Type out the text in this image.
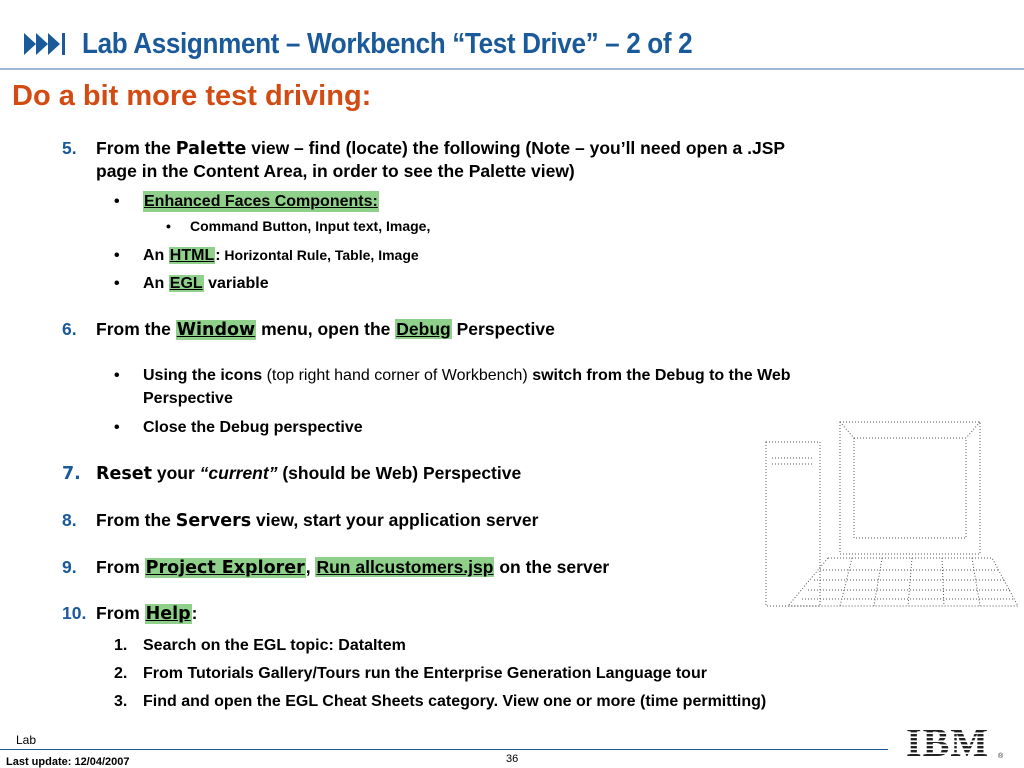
Lab Assignment – Workbench “Test Drive” – 2 of 2
Do a bit more test driving:
5. From the Palette view – find (locate) the following (Note – you’ll need open a .JSP
page in the Content Area, in order to see the Palette view)
• Enhanced Faces Components:
• Command Button, Input text, Image,
• An HTML: Horizontal Rule, Table, Image
• An EGL variable
6. From the Window menu, open the Debug Perspective
• Using the icons (top right hand corner of Workbench) switch from the Debug to the Web
Perspective
• Close the Debug perspective
7. Reset your “current” (should be Web) Perspective
8. From the Servers view, start your application server
9. From Project Explorer, Run allcustomers.jsp on the server
10. From Help:
1. Search on the EGL topic: DataItem
2. From Tutorials Gallery/Tours run the Enterprise Generation Language tour
3. Find and open the EGL Cheat Sheets category. View one or more (time permitting)
Lab
Last update: 12/04/2007	36	IBM ®
